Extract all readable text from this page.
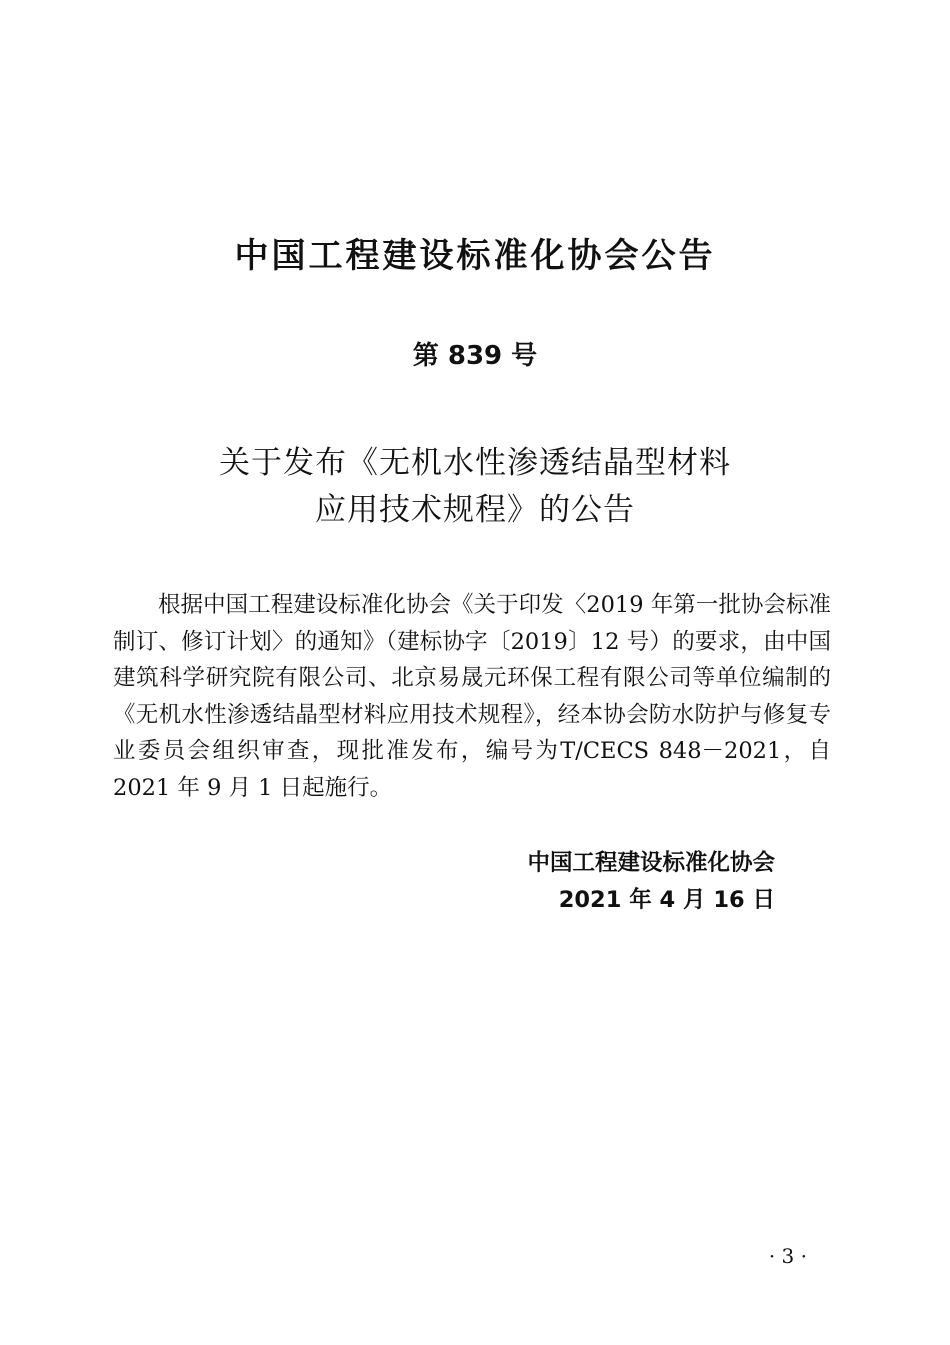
中国工程建设标准化协会公告
第 839 号
关于发布《无机水性渗透结晶型材料
应用技术规程》的公告

根据中国工程建设标准化协会《关于印发〈2019 年第一批协会标准制订、修订计划〉的通知》（建标协字〔2019〕12 号）的要求，由中国建筑科学研究院有限公司、北京易晟元环保工程有限公司等单位编制的《无机水性渗透结晶型材料应用技术规程》，经本协会防水防护与修复专业委员会组织审查，现批准发布，编号为T/CECS 848－2021，自 2021 年 9 月 1 日起施行。

中国工程建设标准化协会
2021 年 4 月 16 日
· 3 ·
